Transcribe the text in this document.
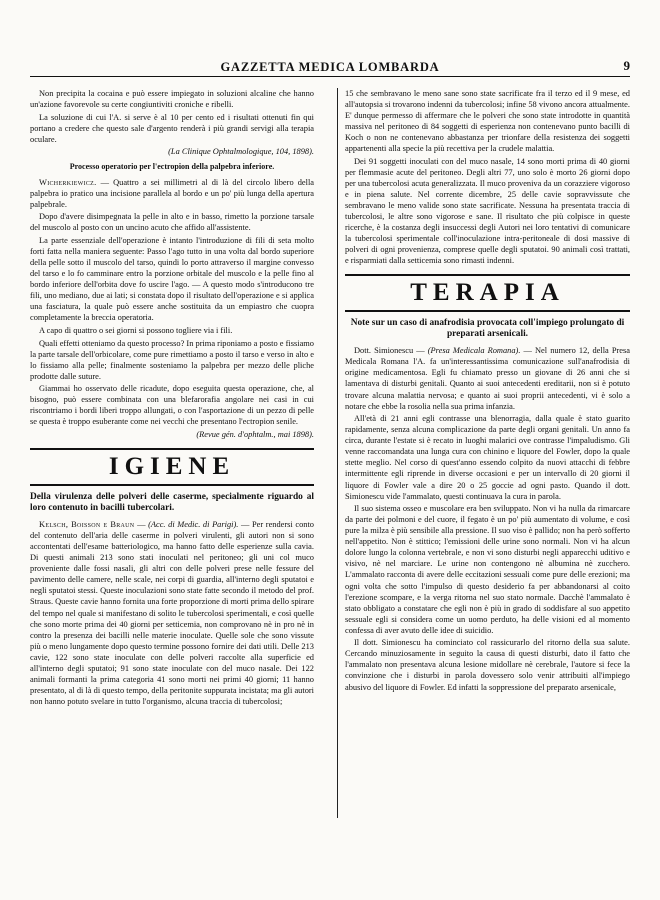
GAZZETTA MEDICA LOMBARDA	9

Non precipita la cocaina e può essere impiegato in soluzioni alcaline che hanno un'azione favorevole su certe congiuntiviti croniche e ribelli.

La soluzione di cui l'A. si serve è al 10 per cento ed i risultati ottenuti fin qui portano a credere che questo sale d'argento renderà i più grandi servigi alla terapia oculare.

(La Clinique Ophtalmologique, 104, 1898).

Processo operatorio per l'ectropion della palpebra inferiore.

Wicherkiewicz. — Quattro a sei millimetri al di là del circolo libero della palpebra io pratico una incisione parallela al bordo e un po' più lunga della apertura palpebrale.

Dopo d'avere disimpegnata la pelle in alto e in basso, rimetto la porzione tarsale del muscolo al posto con un uncino acuto che affido all'assistente.

La parte essenziale dell'operazione è intanto l'introduzione di fili di seta molto forti fatta nella maniera seguente: Passo l'ago tutto in una volta dal bordo superiore della pelle sotto il muscolo del tarso, quindi lo porto attraverso il margine convesso del tarso e lo fo camminare entro la porzione orbitale del muscolo e la pelle fino al bordo inferiore dell'orbita dove fo uscire l'ago. — A questo modo s'introducono tre fili, uno mediano, due ai lati; si constata dopo il risultato dell'operazione e si applica una fasciatura, la quale può essere anche sostituita da un empiastro che cuopra completamente la breccia operatoria.

A capo di quattro o sei giorni si possono togliere via i fili.

Quali effetti otteniamo da questo processo? In prima riponiamo a posto e fissiamo la parte tarsale dell'orbicolare, come pure rimettiamo a posto il tarso e verso in alto e lo fissiamo alla pelle; finalmente sosteniamo la palpebra per mezzo delle pliche prodotte dalle suture.

Giammai ho osservato delle ricadute, dopo eseguita questa operazione, che, al bisogno, può essere combinata con una blefarorafia angolare nei casi in cui riscontriamo i bordi liberi troppo allungati, o con l'asportazione di un pezzo di pelle se questa è troppo esuberante come nei vecchi che presentano l'ectropion senile.

(Revue gén. d'ophtalm., mai 1898).

IGIENE
Della virulenza delle polveri delle caserme, specialmente riguardo al loro contenuto in bacilli tubercolari.

Kelsch, Boisson e Braun — (Acc. di Medic. di Parigi). — Per rendersi conto del contenuto dell'aria delle caserme in polveri virulenti, gli autori non si sono accontentati dell'esame batteriologico, ma hanno fatto delle esperienze sulla cavia. Di questi animali 213 sono stati inoculati nel peritoneo; gli uni col muco proveniente dalle fossi nasali, gli altri con delle polveri prese nelle fessure del pavimento delle camere, nelle scale, nei corpi di guardia, all'interno degli sputatoi e negli sputatoi stessi. Queste inoculazioni sono state fatte secondo il metodo del prof. Straus. Queste cavie hanno fornita una forte proporzione di morti prima dello spirare del tempo nel quale si manifestano di solito le tubercolosi sperimentali, e così quelle che sono morte prima dei 40 giorni per setticemia, non comprovano nè in pro nè in contro la presenza dei bacilli nelle materie inoculate. Quelle sole che sono vissute più o meno lungamente dopo questo termine possono fornire dei dati utili. Delle 213 cavie, 122 sono state inoculate con delle polveri raccolte alla superficie ed all'interno degli sputatoi; 91 sono state inoculate con del muco nasale. Dei 122 animali formanti la prima categoria 41 sono morti nei primi 40 giorni; 11 hanno presentato, al di là di questo tempo, della peritonite suppurata incistata; ma gli autori non hanno potuto svelare in tutto l'organismo, alcuna traccia di tubercolosi;

15 che sembravano le meno sane sono state sacrificate fra il terzo ed il 9 mese, ed all'autopsia si trovarono indenni da tubercolosi; infine 58 vivono ancora attualmente. E' dunque permesso di affermare che le polveri che sono state introdotte in quantità massiva nel peritoneo di 84 soggetti di esperienza non contenevano punto bacilli di Koch o non ne contenevano abbastanza per trionfare della resistenza dei soggetti appartenenti alla specie la più recettiva per la crudele malattia.

Dei 91 soggetti inoculati con del muco nasale, 14 sono morti prima di 40 giorni per flemmasie acute del peritoneo. Degli altri 77, uno solo è morto 26 giorni dopo per una tubercolosi acuta generalizzata. Il muco proveniva da un corazziere vigoroso e in piena salute. Nel corrente dicembre, 25 delle cavie sopravvissute che sembravano le meno valide sono state sacrificate. Nessuna ha presentata traccia di tubercolosi, le altre sono vigorose e sane. Il risultato che più colpisce in queste ricerche, è la costanza degli insuccessi degli Autori nei loro tentativi di comunicare la tubercolosi sperimentale coll'inoculazione intra-peritoneale di dosi massive di polveri di ogni provenienza, comprese quelle degli sputatoi. 90 animali così trattati, e risparmiati dalla setticemia sono rimasti indenni.

TERAPIA
Note sur un caso di anafrodisia provocata coll'impiego prolungato di preparati arsenicali.

Dott. Simionescu — (Presa Medicala Romana). — Nel numero 12, della Presa Medicala Romana l'A. fa un'interessantissima comunicazione sull'anafrodisia di origine medicamentosa. Egli fu chiamato presso un giovane di 26 anni che si lamentava di disturbi genitali. Quanto ai suoi antecedenti ereditarii, non si è potuto trovare alcuna malattia nervosa; e quanto ai suoi proprii antecedenti, vi è solo a notare che ebbe la rosolia nella sua prima infanzia.

All'età di 21 anni egli contrasse una blenorragia, dalla quale è stato guarito rapidamente, senza alcuna complicazione da parte degli organi genitali. Un anno fa circa, durante l'estate si è recato in luoghi malarici ove contrasse l'impaludismo. Gli venne raccomandata una lunga cura con chinino e liquore del Fowler, dopo la quale stette meglio. Nel corso di quest'anno essendo colpito da nuovi attacchi di febbre intermittente egli riprende in diverse occasioni e per un intervallo di 20 giorni il liquore di Fowler vale a dire 20 o 25 goccie ad ogni pasto. Quando il dott. Simionescu vide l'ammalato, questi continuava la cura in parola.

Il suo sistema osseo e muscolare era ben sviluppato. Non vi ha nulla da rimarcare da parte dei polmoni e del cuore, il fegato è un po' più aumentato di volume, e così pure la milza è più sensibile alla pressione. Il suo viso è pallido; non ha però sofferto nell'appetito. Non è stittico; l'emissioni delle urine sono normali. Non vi ha alcun dolore lungo la colonna vertebrale, e non vi sono disturbi negli apparecchi uditivo e visivo, nè nel marciare. Le urine non contengono nè albumina nè zucchero. L'ammalato racconta di avere delle eccitazioni sessuali come pure delle erezioni; ma ogni volta che sotto l'impulso di questo desiderio fa per abbandonarsi al coito l'erezione scompare, e la verga ritorna nel suo stato normale. Dacchè l'ammalato è stato obbligato a constatare che egli non è più in grado di soddisfare al suo appetito sessuale egli si considera come un uomo perduto, ha delle visioni ed al momento confessa di aver avuto delle idee di suicidio.

Il dott. Simionescu ha cominciato col rassicurarlo del ritorno della sua salute. Cercando minuziosamente in seguito la causa di questi disturbi, dato il fatto che l'ammalato non presentava alcuna lesione midollare nè cerebrale, l'autore si fece la convinzione che i disturbi in parola dovessero solo venir attribuiti all'impiego abusivo del liquore di Fowler. Ed infatti la soppressione del preparato arsenicale,
